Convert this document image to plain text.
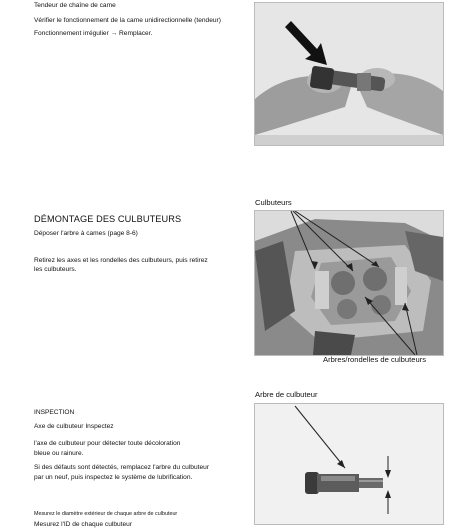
Tendeur de chaîne de came
Vérifier le fonctionnement de la came unidirectionnelle (tendeur)
Fonctionnement irrégulier → Remplacer.
DÉMONTAGE DES CULBUTEURS
Déposer l'arbre à cames (page 8-6)
Retirez les axes et les rondelles des culbuteurs, puis retirez
les culbuteurs.
Culbuteurs
Arbres/rondelles de culbuteurs
INSPECTION
Axe de culbuteur Inspectez
l'axe de culbuteur pour détecter toute décoloration
bleue ou rainure.
Si des défauts sont détectés, remplacez l'arbre du culbuteur
par un neuf, puis inspectez le système de lubrification.
Mesurez le diamètre extérieur de chaque arbre de culbuteur
Mesurez l'ID de chaque culbuteur
Arbre de culbuteur
